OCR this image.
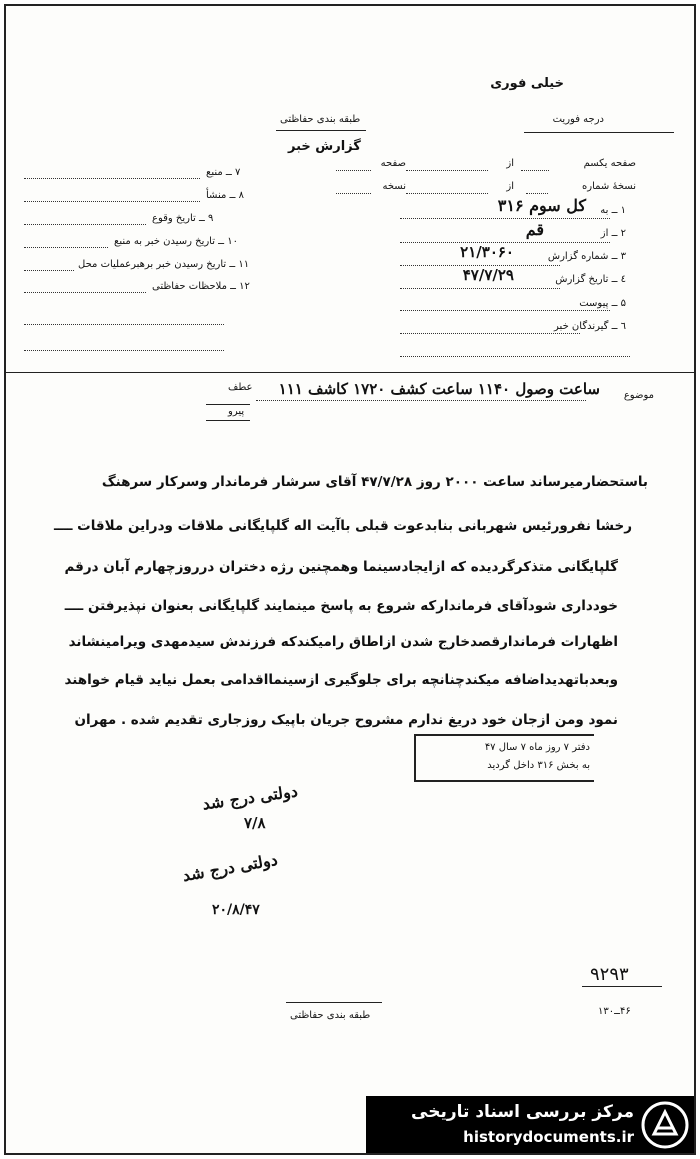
خیلی فوری
درجه فوریت
طبقه بندی حفاظتی
گزارش خبر
صفحه یکسم
از
صفحه
نسخهٔ شماره
از
نسخه
۱ ــ به
کل سوم ۳۱۶
۲ ــ از
قم
۳ ــ شماره گزارش
۲۱/۳۰۶۰
٤ ــ تاریخ گزارش
۴۷/۷/۲۹
۵ ــ پیوست
٦ ــ گیرندگان خبر
۷ ــ منبع
۸ ــ منشأ
۹ ــ تاریخ وقوع
۱۰ ــ تاریخ رسیدن خبر به منبع
۱۱ ــ تاریخ رسیدن خبر برهبرعملیات محل
۱۲ ــ ملاحظات حفاظتی
موضوع
ساعت وصول ۱۱۴۰ ساعت کشف ۱۷۲۰ کاشف ۱۱۱
عطف
پیرو
باستحضارمیرساند ساعت ۲۰۰۰ روز ۴۷/۷/۲۸ آقای سرشار فرماندار وسرکار سرهنگ
رخشا نفرورئیس شهربانی بنابدعوت قبلی باآیت اله گلپایگانی ملاقات ودراین ملاقات ــــ
گلپایگانی متذکرگردیده که ازایجادسینما وهمچنین رژه دختران درروزچهارم آبان درقم
خودداری شودآقای فرماندارکه شروع به پاسخ مینمایند گلپایگانی بعنوان نپذیرفتن ــــ
اظهارات فرماندارقصدخارج شدن ازاطاق رامیکندکه فرزندش سیدمهدی ویرامینشاند
وبعدباتهدیداضافه میکندچنانچه برای جلوگیری ازسینمااقدامی بعمل نیاید قیام خواهند
نمود ومن ازجان خود دریغ ندارم مشروح جریان باپیک روزجاری تقدیم شده . مهران
دفتر ۷ روز ماه ۷ سال ۴۷
به بخش ۳۱۶ داخل گردید
دولتی درج شد
۷/۸
دولتی درج شد
۲۰/۸/۴۷
۹۲۹۳
۴۶ــ۱۳۰
طبقه بندی حفاظتی
مرکز بررسی اسناد تاریخی
historydocuments.ir
